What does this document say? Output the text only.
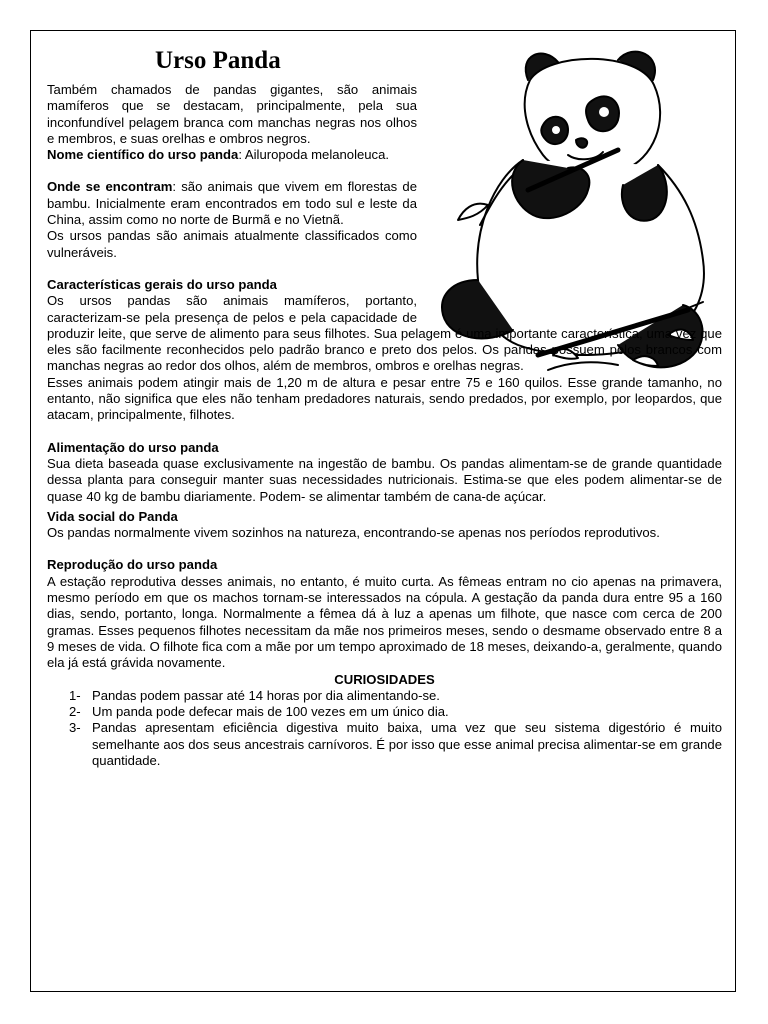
Urso Panda

Também chamados de pandas gigantes, são animais mamíferos que se destacam, principalmente, pela sua inconfundível pelagem branca com manchas negras nos olhos e membros, e suas orelhas e ombros negros.

Nome científico do urso panda: Ailuropoda melanoleuca.

Onde se encontram: são animais que vivem em florestas de bambu. Inicialmente eram encontrados em todo sul e leste da China, assim como no norte de Burmã e no Vietnã.

Os ursos pandas são animais atualmente classificados como vulneráveis.

Características gerais do urso panda

Os ursos pandas são animais mamíferos, portanto, caracterizam-se pela presença de pelos e pela capacidade de produzir leite, que serve de alimento para seus filhotes. Sua pelagem é uma importante característica, uma vez que eles são facilmente reconhecidos pelo padrão branco e preto dos pelos. Os pandas possuem pelos brancos com manchas negras ao redor dos olhos, além de membros, ombros e orelhas negras.

Esses animais podem atingir mais de 1,20 m de altura e pesar entre 75 e 160 quilos. Esse grande tamanho, no entanto, não significa que eles não tenham predadores naturais, sendo predados, por exemplo, por leopardos, que atacam, principalmente, filhotes.

Alimentação do urso panda

Sua dieta baseada quase exclusivamente na ingestão de bambu. Os pandas alimentam-se de grande quantidade dessa planta para conseguir manter suas necessidades nutricionais. Estima-se que eles podem alimentar-se de quase 40 kg de bambu diariamente. Podem- se alimentar também de cana-de açúcar.

Vida social do Panda

Os pandas normalmente vivem sozinhos na natureza, encontrando-se apenas nos períodos reprodutivos.

Reprodução do urso panda

A estação reprodutiva desses animais, no entanto, é muito curta. As fêmeas entram no cio apenas na primavera, mesmo período em que os machos tornam-se interessados na cópula. A gestação da panda dura entre 95 a 160 dias, sendo, portanto, longa. Normalmente a fêmea dá à luz a apenas um filhote, que nasce com cerca de 200 gramas. Esses pequenos filhotes necessitam da mãe nos primeiros meses, sendo o desmame observado entre 8 a 9 meses de vida. O filhote fica com a mãe por um tempo aproximado de 18 meses, deixando-a, geralmente, quando ela já está grávida novamente.

CURIOSIDADES

1- Pandas podem passar até 14 horas por dia alimentando-se.
2- Um panda pode defecar mais de 100 vezes em um único dia.
3- Pandas apresentam eficiência digestiva muito baixa, uma vez que seu sistema digestório é muito semelhante aos dos seus ancestrais carnívoros. É por isso que esse animal precisa alimentar-se em grande quantidade.
